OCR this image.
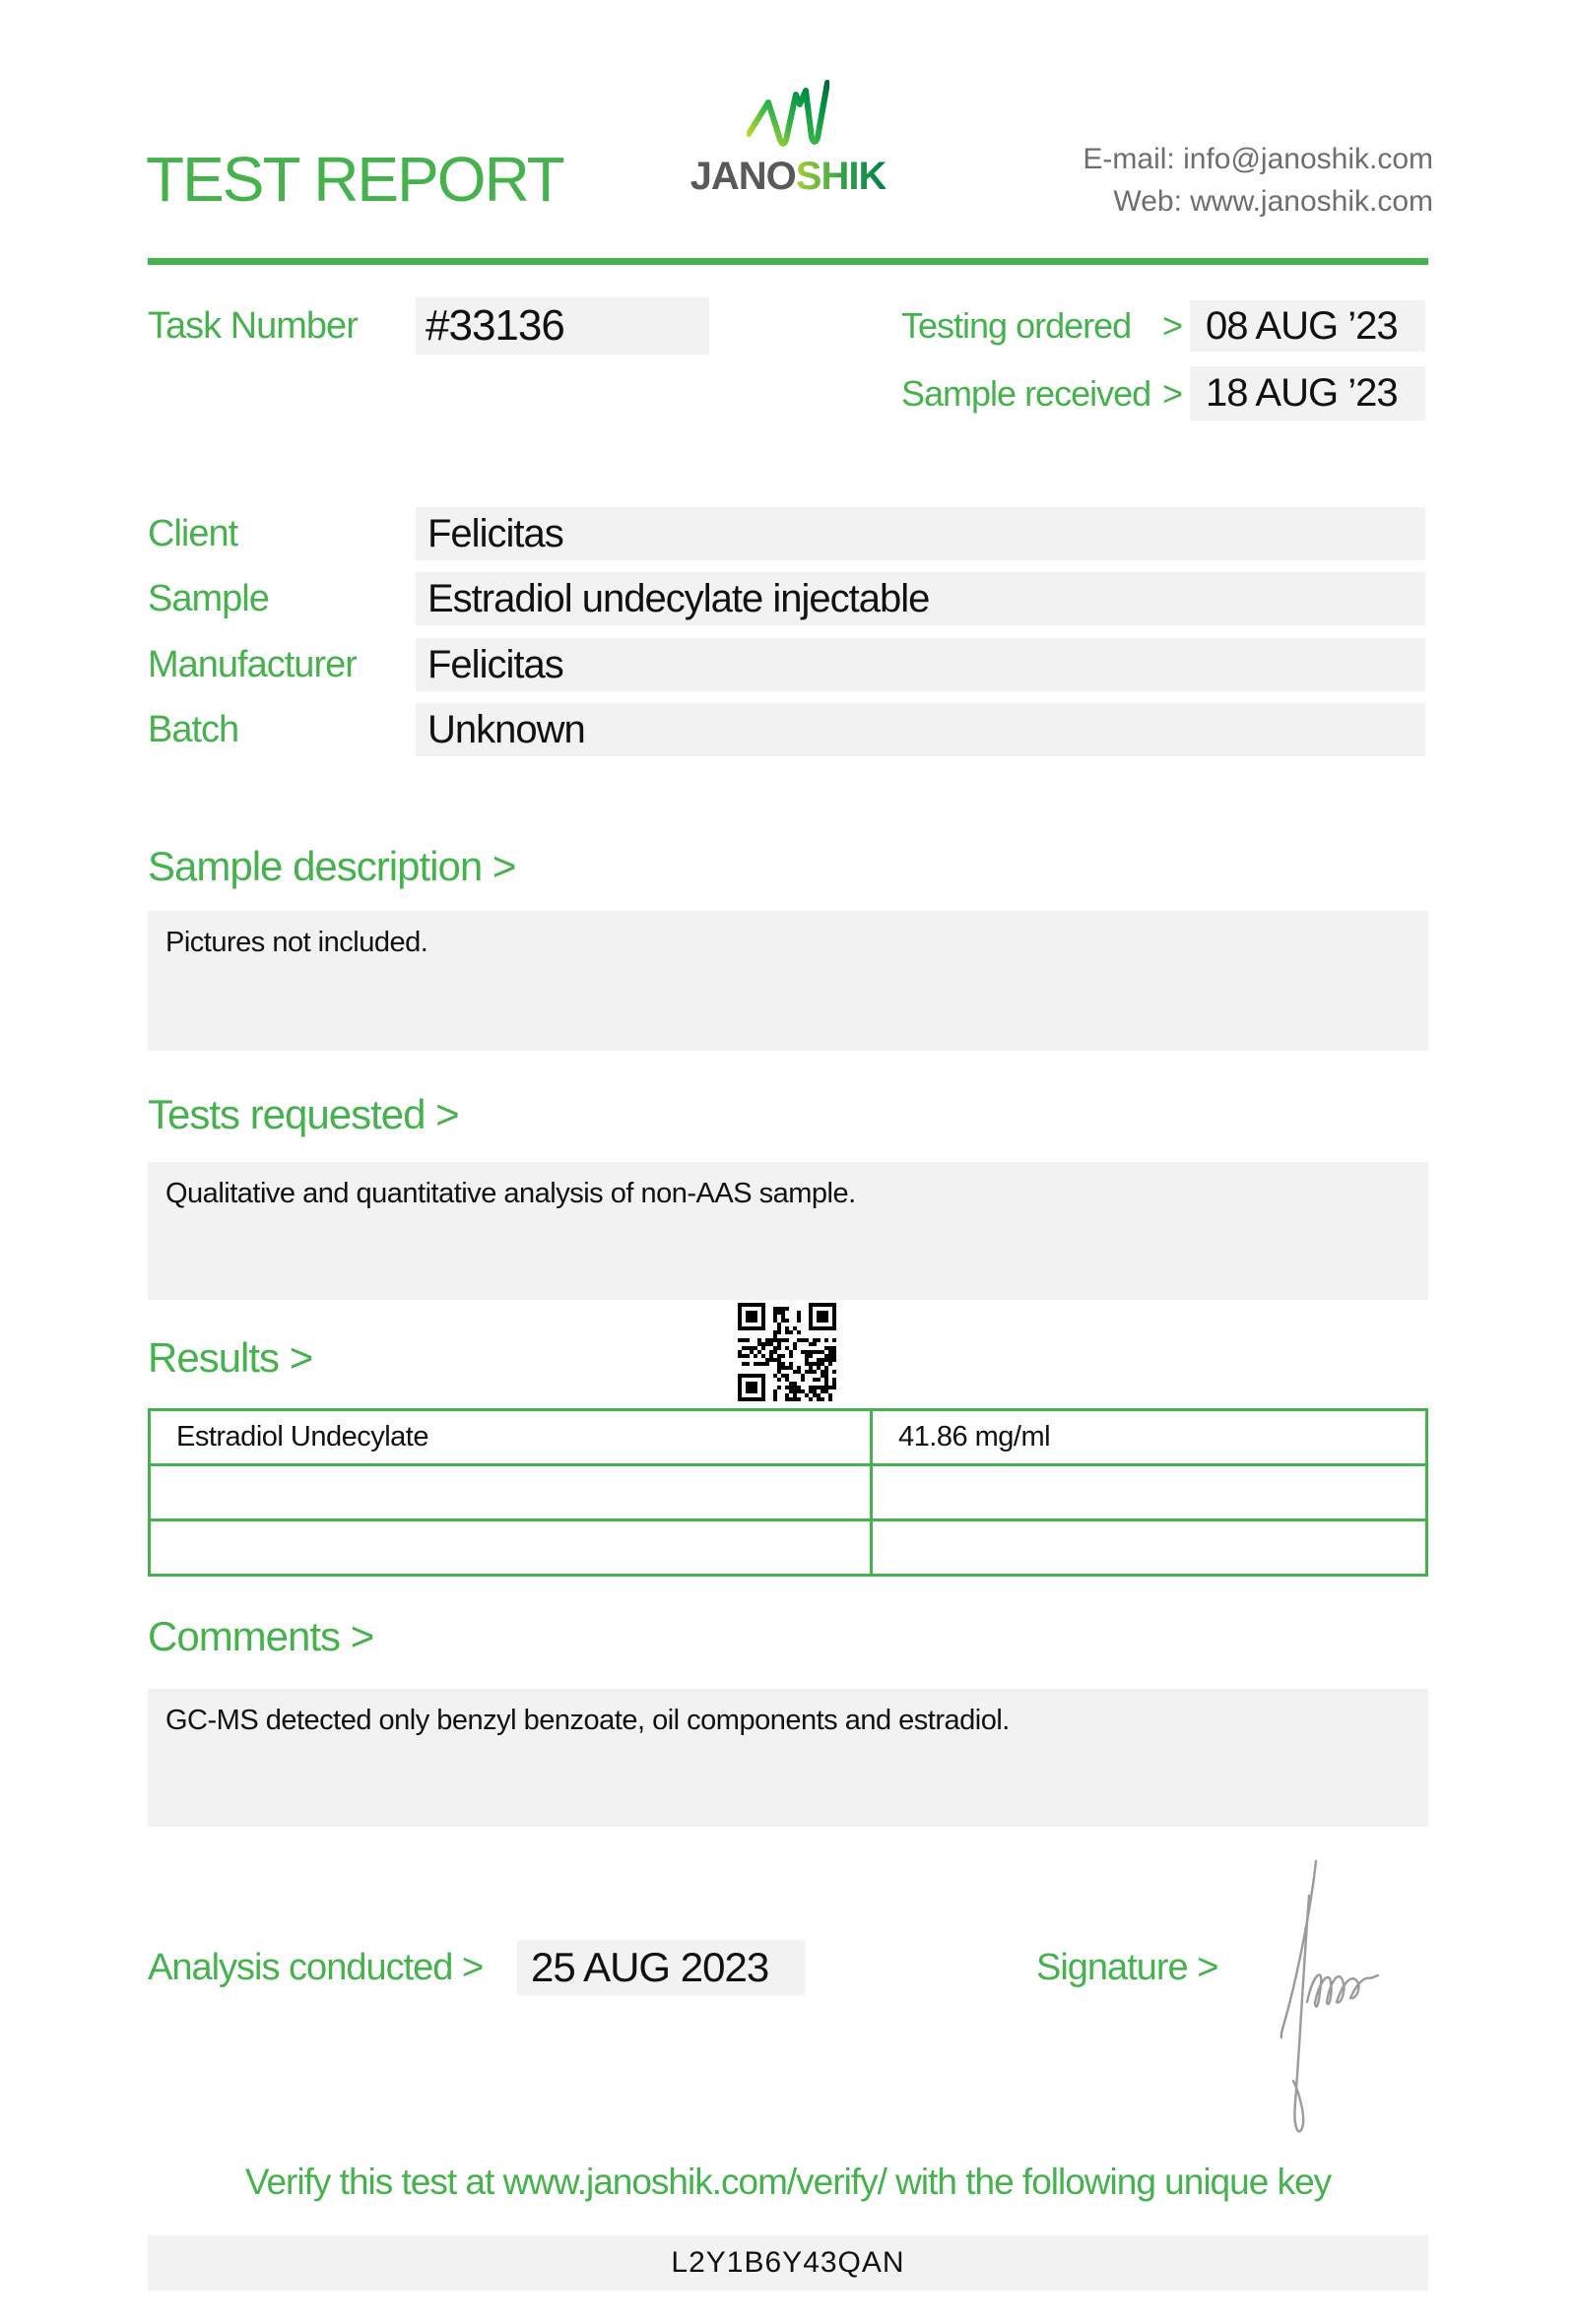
TEST REPORT	JANOSHIK	E-mail: info@janoshik.com
Web: www.janoshik.com
Task Number #33136	Testing ordered > 08 AUG ’23
Sample received > 18 AUG ’23
Client	Felicitas
Sample	Estradiol undecylate injectable
Manufacturer	Felicitas
Batch	Unknown
Sample description >
Pictures not included.
Tests requested >
Qualitative and quantitative analysis of non-AAS sample.
Results >
Estradiol Undecylate	41.86 mg/ml

Comments >
GC-MS detected only benzyl benzoate, oil components and estradiol.
Analysis conducted >	25 AUG 2023	Signature >
Verify this test at www.janoshik.com/verify/ with the following unique key
L2Y1B6Y43QAN
